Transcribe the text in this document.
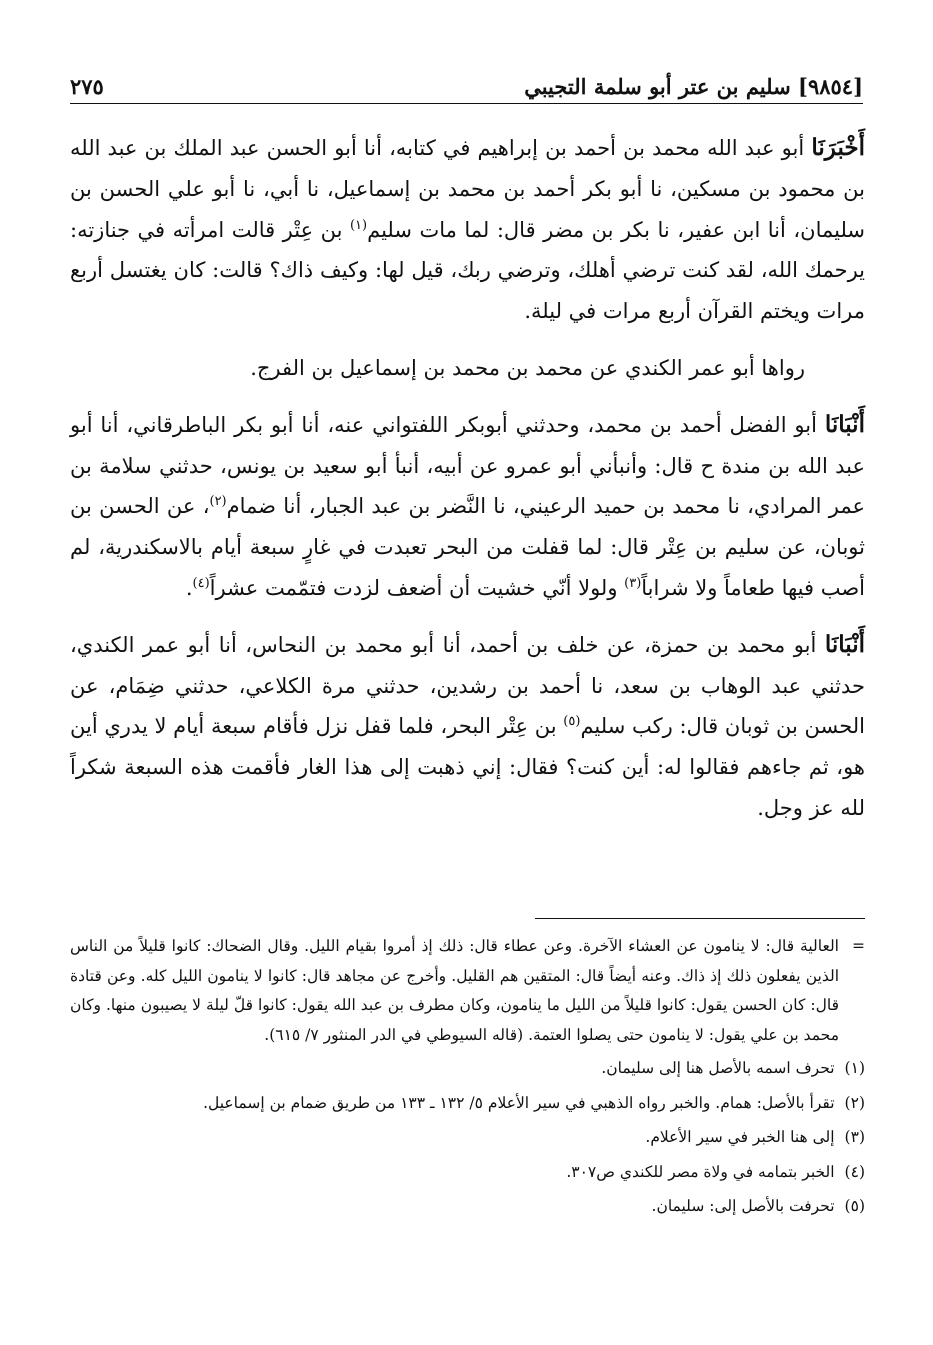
[٩٨٥٤] سليم بن عتر أبو سلمة التجيبي
٢٧٥

أَخْبَرَنَا أبو عبد الله محمد بن أحمد بن إبراهيم في كتابه، أنا أبو الحسن عبد الملك بن عبد الله بن محمود بن مسكين، نا أبو بكر أحمد بن محمد بن إسماعيل، نا أبي، نا أبو علي الحسن بن سليمان، أنا ابن عفير، نا بكر بن مضر قال: لما مات سليم$^{(١)}$ بن عِتْر قالت امرأته في جنازته: يرحمك الله، لقد كنت ترضي أهلك، وترضي ربك، قيل لها: وكيف ذاك؟ قالت: كان يغتسل أربع مرات ويختم القرآن أربع مرات في ليلة.

رواها أبو عمر الكندي عن محمد بن محمد بن إسماعيل بن الفرج.

أَنْبَانَا أبو الفضل أحمد بن محمد، وحدثني أبوبكر اللفتواني عنه، أنا أبو بكر الباطرقاني، أنا أبو عبد الله بن مندة ح قال: وأنبأني أبو عمرو عن أبيه، أنبأ أبو سعيد بن يونس، حدثني سلامة بن عمر المرادي، نا محمد بن حميد الرعيني، نا النَّضر بن عبد الجبار، أنا ضمام$^{(٢)}$، عن الحسن بن ثوبان، عن سليم بن عِتْر قال: لما قفلت من البحر تعبدت في غارٍ سبعة أيام بالاسكندرية، لم أصب فيها طعاماً ولا شراباً$^{(٣)}$ ولولا أنّي خشيت أن أضعف لزدت فتمّمت عشراً$^{(٤)}$.

أَنْبَانَا أبو محمد بن حمزة، عن خلف بن أحمد، أنا أبو محمد بن النحاس، أنا أبو عمر الكندي، حدثني عبد الوهاب بن سعد، نا أحمد بن رشدين، حدثني مرة الكلاعي، حدثني ضِمَام، عن الحسن بن ثوبان قال: ركب سليم$^{(٥)}$ بن عِتْر البحر، فلما قفل نزل فأقام سبعة أيام لا يدري أين هو، ثم جاءهم فقالوا له: أين كنت؟ فقال: إني ذهبت إلى هذا الغار فأقمت هذه السبعة شكراً لله عز وجل.

=
العالية قال: لا ينامون عن العشاء الآخرة. وعن عطاء قال: ذلك إذ أمروا بقيام الليل. وقال الضحاك: كانوا قليلاً من الناس الذين يفعلون ذلك إذ ذاك. وعنه أيضاً قال: المتقين هم القليل. وأخرج عن مجاهد قال: كانوا لا ينامون الليل كله. وعن قتادة قال: كان الحسن يقول: كانوا قليلاً من الليل ما ينامون، وكان مطرف بن عبد الله يقول: كانوا قلّ ليلة لا يصيبون منها. وكان محمد بن علي يقول: لا ينامون حتى يصلوا العتمة. (قاله السيوطي في الدر المنثور ٧/ ٦١٥).

(١)
تحرف اسمه بالأصل هنا إلى سليمان.
(٢)
تقرأ بالأصل: همام. والخبر رواه الذهبي في سير الأعلام ٥/ ١٣٢ ـ ١٣٣ من طريق ضمام بن إسماعيل.
(٣)
إلى هنا الخبر في سير الأعلام.
(٤)
الخبر بتمامه في ولاة مصر للكندي ص٣٠٧.
(٥)
تحرفت بالأصل إلى: سليمان.
